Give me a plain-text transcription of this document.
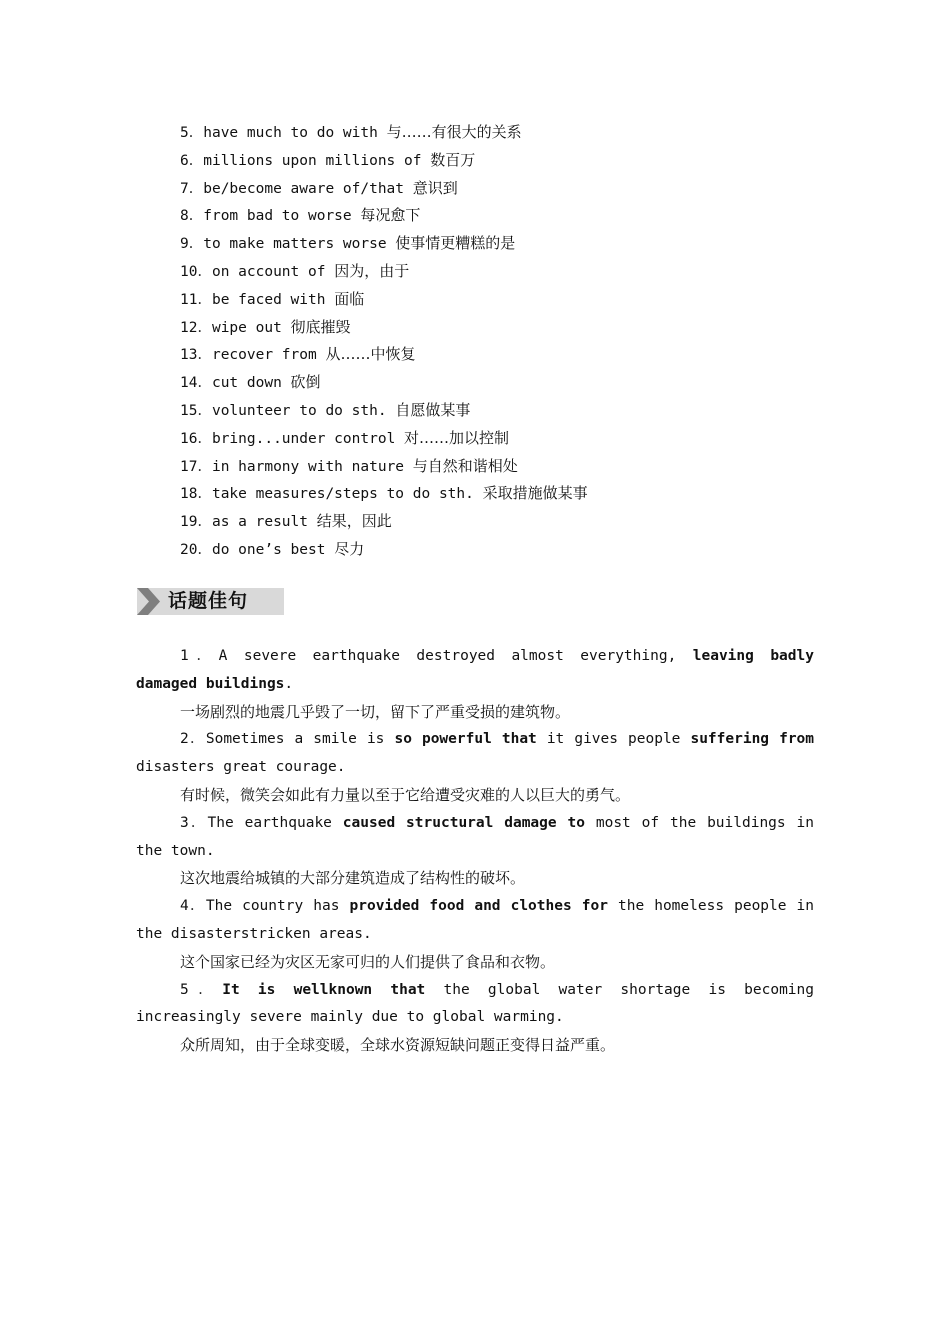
5．have much to do with 与……有很大的关系
6．millions upon millions of 数百万
7．be/become aware of/that 意识到
8．from bad to worse 每况愈下
9．to make matters worse 使事情更糟糕的是
10．on account of 因为，由于
11．be faced with 面临
12．wipe out 彻底摧毁
13．recover from 从……中恢复
14．cut down 砍倒
15．volunteer to do sth. 自愿做某事
16．bring...under control 对……加以控制
17．in harmony with nature 与自然和谐相处
18．take measures/steps to do sth. 采取措施做某事
19．as a result 结果，因此
20．do one’s best 尽力
话题佳句

1．A severe earthquake destroyed almost everything, leaving badly damaged buildings.

一场剧烈的地震几乎毁了一切，留下了严重受损的建筑物。

2．Sometimes a smile is so powerful that it gives people suffering from disasters great courage.

有时候，微笑会如此有力量以至于它给遭受灾难的人以巨大的勇气。

3．The earthquake caused structural damage to most of the buildings in the town.

这次地震给城镇的大部分建筑造成了结构性的破坏。

4．The country has provided food and clothes for the homeless people in the disasterstricken areas.

这个国家已经为灾区无家可归的人们提供了食品和衣物。

5．It is wellknown that the global water shortage is becoming increasingly severe mainly due to global warming.

众所周知，由于全球变暖，全球水资源短缺问题正变得日益严重。
